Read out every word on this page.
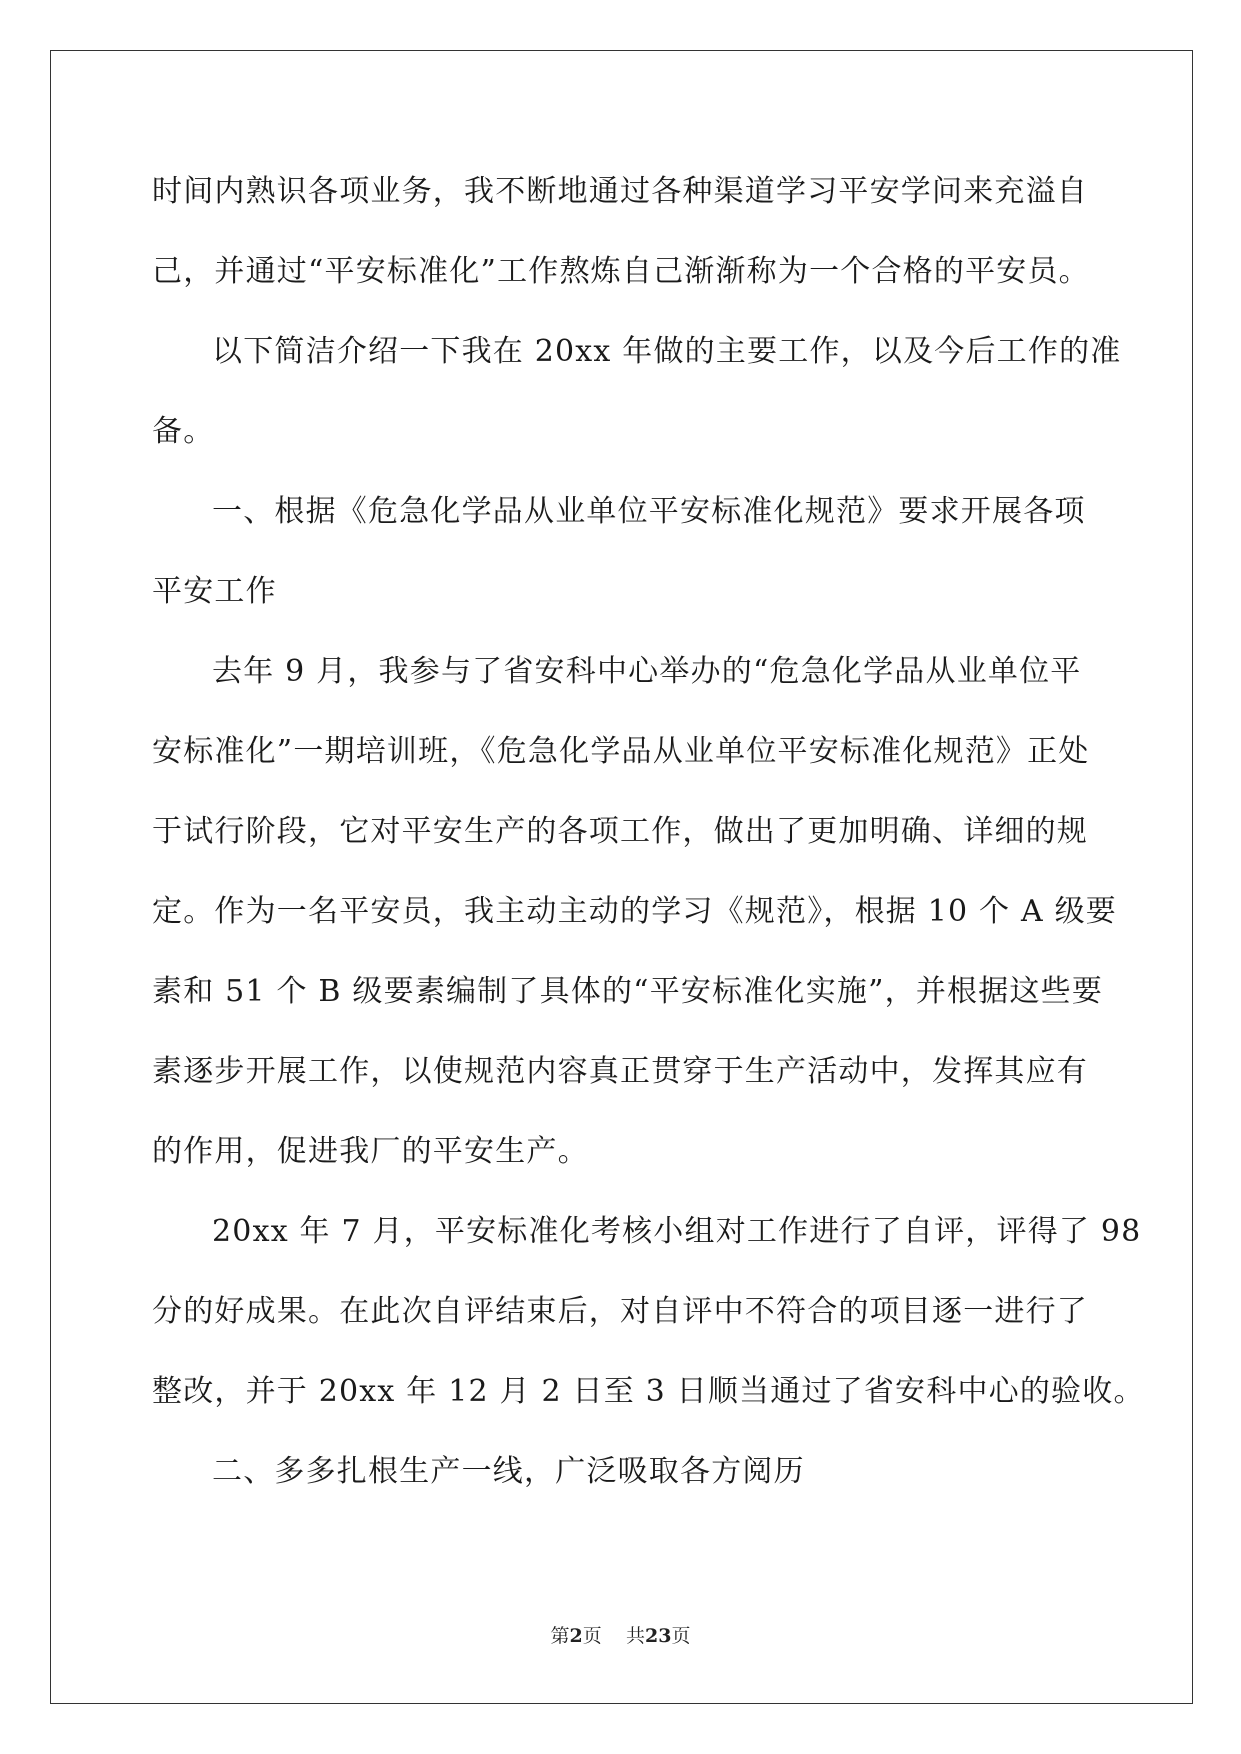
时间内熟识各项业务，我不断地通过各种渠道学习平安学问来充溢自
己，并通过“平安标准化”工作熬炼自己渐渐称为一个合格的平安员。
以下简洁介绍一下我在 20xx 年做的主要工作，以及今后工作的准
备。
一、根据《危急化学品从业单位平安标准化规范》要求开展各项
平安工作
去年 9 月，我参与了省安科中心举办的“危急化学品从业单位平
安标准化”一期培训班，《危急化学品从业单位平安标准化规范》正处
于试行阶段，它对平安生产的各项工作，做出了更加明确、详细的规
定。作为一名平安员，我主动主动的学习《规范》，根据 10 个 A 级要
素和 51 个 B 级要素编制了具体的“平安标准化实施”，并根据这些要
素逐步开展工作，以使规范内容真正贯穿于生产活动中，发挥其应有
的作用，促进我厂的平安生产。
20xx 年 7 月，平安标准化考核小组对工作进行了自评，评得了 98
分的好成果。在此次自评结束后，对自评中不符合的项目逐一进行了
整改，并于 20xx 年 12 月 2 日至 3 日顺当通过了省安科中心的验收。
二、多多扎根生产一线，广泛吸取各方阅历
第2页 共23页
